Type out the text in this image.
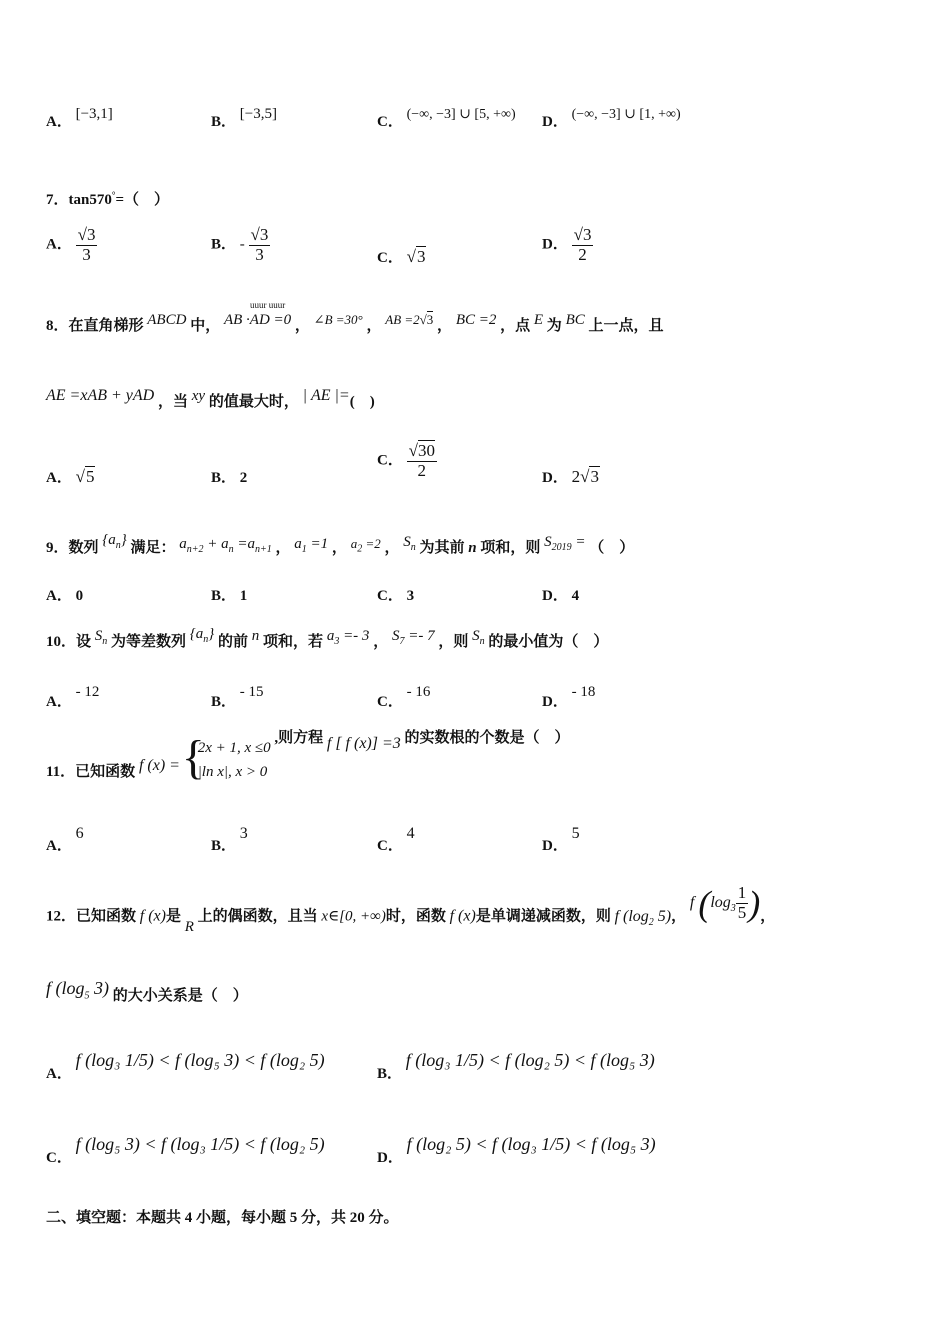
A． [−3,1]	B． [−3,5]	C． (−∞, −3] ∪ [5, +∞) D． (−∞, −3] ∪ [1, +∞)
7．tan570°=（　）
A． $\frac{√3}{3}$	B． - $\frac{√3}{3}$	C． √3
D． $\frac{√3}{2}$
uuur uuur
8．在直角梯形 ABCD 中， AB ·AD =0 ， ∠B =30° ， AB =2√3 ， BC =2 ，点 E 为 BC 上一点，且
AE =xAB + yAD ，当 xy 的值最大时， | AE |=(　)
A． √5	B． 2
C． $\frac{√30}{2}$	D． 2√3
9．数列 $\{a_n\}$ 满足： $a_{n+2} + a_n =a_{n+1}$ ， $a_1 =1$ ， $a_2 =2$ ， $S_n$ 为其前 n 项和，则 $S_{2019}$ = （　）
A． 0	B． 1	C． 3	D． 4
10．设 $S_n$ 为等差数列 $\{a_n\}$ 的前 n 项和，若 $a_3 =- 3$ ， $S_7 =- 7$ ，则 $S_n$ 的最小值为（　）
A． - 12
B． - 15
C． - 16
D． - 18
11．已知函数 f (x) = {
2x + 1, x ≤0
|ln x|, x > 0
,则方程 f [ f (x)] =3 的实数根的个数是（　）
A． 6
B． 3
C． 4
D． 5
12．已知函数 f (x)是 R 上的偶函数，且当 x∈[0, +∞)时，函数 f (x)是单调递减函数，则 f ($\log_2$ 5)， f ($\log_3 \frac{1}{5}$ )，
f ($\log_5$ 3) 的大小关系是（　）
A． f (log₃ 1/5) < f (log₅ 3) < f (log₂ 5)
B． f (log₃ 1/5) < f (log₂ 5) < f (log₅ 3)
C． f (log₅ 3) < f (log₃ 1/5) < f (log₂ 5)
D． f (log₂ 5) < f (log₃ 1/5) < f (log₅ 3)
二、填空题：本题共 4 小题，每小题 5 分，共 20 分。
